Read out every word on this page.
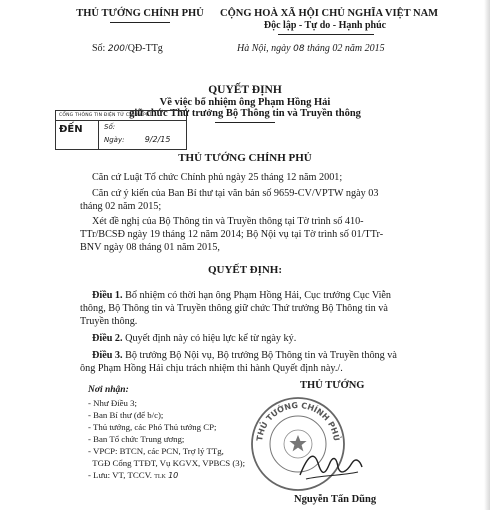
THỦ TƯỚNG CHÍNH PHỦ	CỘNG HOÀ XÃ HỘI CHỦ NGHĨA VIỆT NAM
Độc lập - Tự do - Hạnh phúc
Số: 200/QĐ-TTg	Hà Nội, ngày 08 tháng 02 năm 2015
QUYẾT ĐỊNH
Về việc bổ nhiệm ông Phạm Hồng Hải
giữ chức Thứ trưởng Bộ Thông tin và Truyền thông
CỔNG THÔNG TIN ĐIỆN TỬ CHÍNH PHỦ
ĐẾN	Số:
Ngày:	9/2/15
THỦ TƯỚNG CHÍNH PHỦ
Căn cứ Luật Tổ chức Chính phủ ngày 25 tháng 12 năm 2001;
Căn cứ ý kiến của Ban Bí thư tại văn bản số 9659-CV/VPTW ngày 03
tháng 02 năm 2015;
Xét đề nghị của Bộ Thông tin và Truyền thông tại Tờ trình số 410-
TTr/BCSĐ ngày 19 tháng 12 năm 2014; Bộ Nội vụ tại Tờ trình số 01/TTr-
BNV ngày 08 tháng 01 năm 2015,
QUYẾT ĐỊNH:
Điều 1. Bổ nhiệm có thời hạn ông Phạm Hồng Hải, Cục trưởng Cục Viễn
thông, Bộ Thông tin và Truyền thông giữ chức Thứ trưởng Bộ Thông tin và
Truyền thông.
Điều 2. Quyết định này có hiệu lực kể từ ngày ký.
Điều 3. Bộ trưởng Bộ Nội vụ, Bộ trưởng Bộ Thông tin và Truyền thông và
ông Phạm Hồng Hải chịu trách nhiệm thi hành Quyết định này./.
Nơi nhận:
- Như Điều 3;
- Ban Bí thư (để b/c);
- Thủ tướng, các Phó Thủ tướng CP;
- Ban Tổ chức Trung ương;
- VPCP: BTCN, các PCN, Trợ lý TTg,
TGĐ Cổng TTĐT, Vụ KGVX, VPBCS (3);
- Lưu: VT, TCCV. TLK 10
THỦ TƯỚNG
THỦ TƯỚNG CHÍNH PHỦ
Nguyễn Tấn Dũng
